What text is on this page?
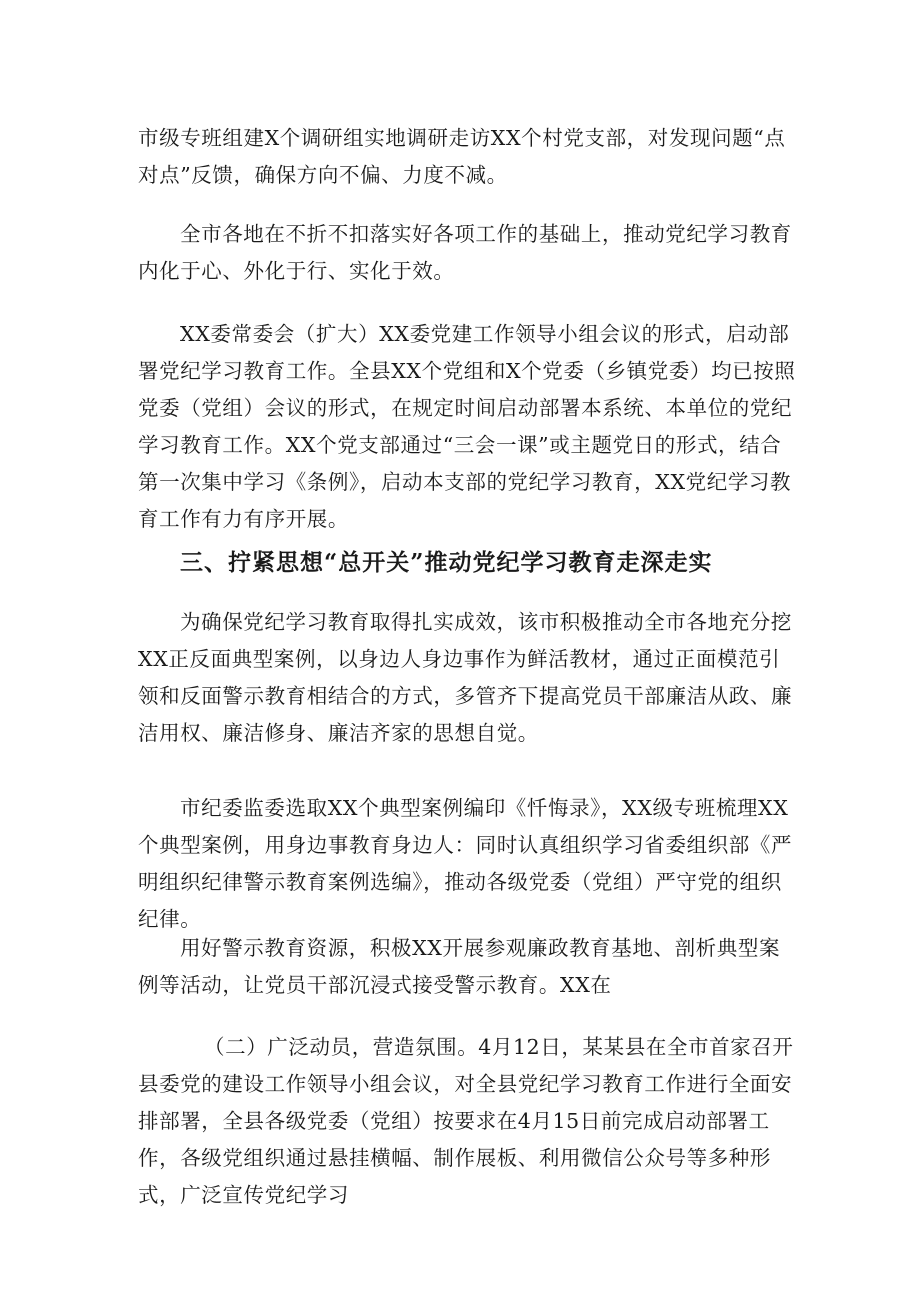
市级专班组建X个调研组实地调研走访XX个村党支部，对发现问题“点对点”反馈，确保方向不偏、力度不减。

全市各地在不折不扣落实好各项工作的基础上，推动党纪学习教育内化于心、外化于行、实化于效。

XX委常委会（扩大）XX委党建工作领导小组会议的形式，启动部署党纪学习教育工作。全县XX个党组和X个党委（乡镇党委）均已按照党委（党组）会议的形式，在规定时间启动部署本系统、本单位的党纪学习教育工作。XX个党支部通过“三会一课”或主题党日的形式，结合第一次集中学习《条例》，启动本支部的党纪学习教育，XX党纪学习教育工作有力有序开展。

三、拧紧思想“总开关”推动党纪学习教育走深走实

为确保党纪学习教育取得扎实成效，该市积极推动全市各地充分挖XX正反面典型案例，以身边人身边事作为鲜活教材，通过正面模范引领和反面警示教育相结合的方式，多管齐下提高党员干部廉洁从政、廉洁用权、廉洁修身、廉洁齐家的思想自觉。

市纪委监委选取XX个典型案例编印《忏悔录》，XX级专班梳理XX个典型案例，用身边事教育身边人：同时认真组织学习省委组织部《严明组织纪律警示教育案例选编》，推动各级党委（党组）严守党的组织纪律。

用好警示教育资源，积极XX开展参观廉政教育基地、剖析典型案例等活动，让党员干部沉浸式接受警示教育。XX在

（二）广泛动员，营造氛围。4月12日，某某县在全市首家召开县委党的建设工作领导小组会议，对全县党纪学习教育工作进行全面安排部署，全县各级党委（党组）按要求在4月15日前完成启动部署工作，各级党组织通过悬挂横幅、制作展板、利用微信公众号等多种形式，广泛宣传党纪学习
